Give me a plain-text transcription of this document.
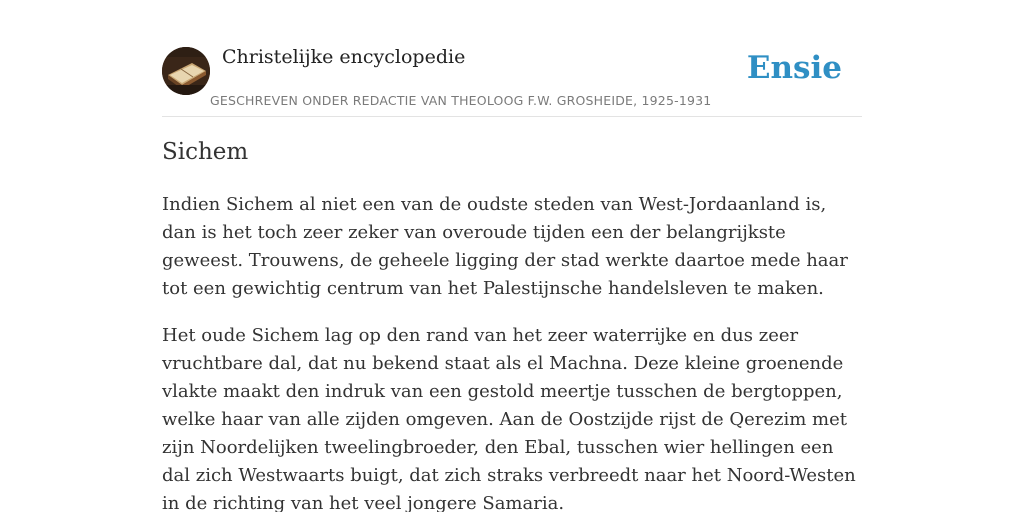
Christelijke encyclopedie
GESCHREVEN ONDER REDACTIE VAN THEOLOOG F.W. GROSHEIDE, 1925-1931
Ensie
Sichem

Indien Sichem al niet een van de oudste steden van West-Jordaanland is, dan is het toch zeer zeker van overoude tijden een der belangrijkste geweest. Trouwens, de geheele ligging der stad werkte daartoe mede haar tot een gewichtig centrum van het Palestijnsche handelsleven te maken.

Het oude Sichem lag op den rand van het zeer waterrijke en dus zeer vruchtbare dal, dat nu bekend staat als el Machna. Deze kleine groenende vlakte maakt den indruk van een gestold meertje tusschen de bergtoppen, welke haar van alle zijden omgeven. Aan de Oostzijde rijst de Qerezim met zijn Noordelijken tweelingbroeder, den Ebal, tusschen wier hellingen een dal zich Westwaarts buigt, dat zich straks verbreedt naar het Noord-Westen in de richting van het veel jongere Samaria.
